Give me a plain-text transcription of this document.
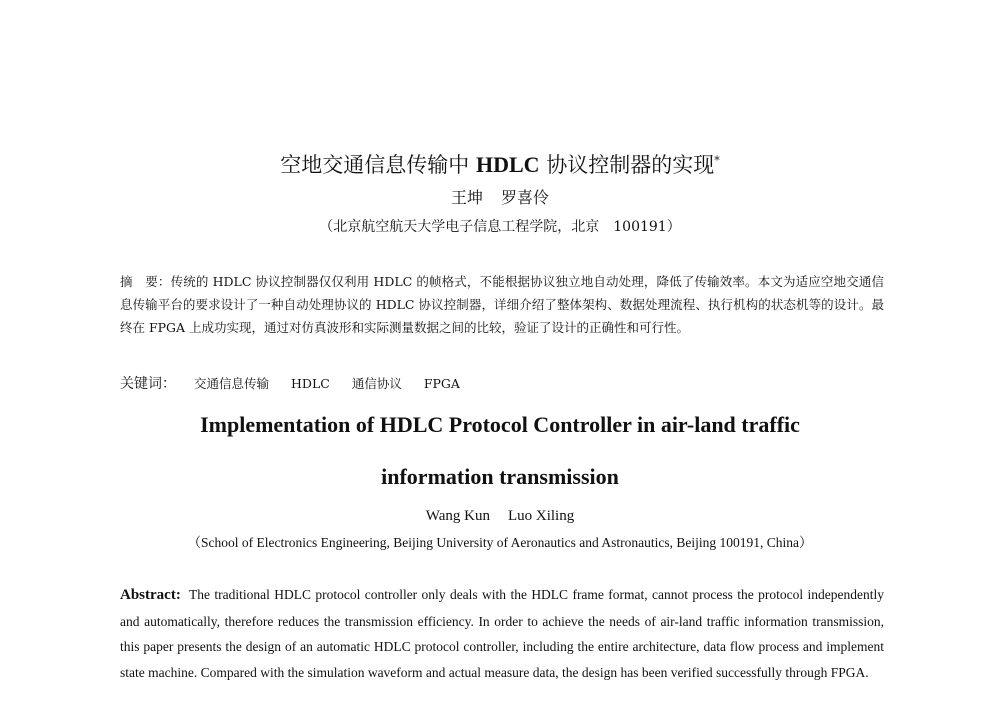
空地交通信息传输中 HDLC 协议控制器的实现*
王坤 罗喜伶
（北京航空航天大学电子信息工程学院，北京　100191）
摘　要：传统的 HDLC 协议控制器仅仅利用 HDLC 的帧格式，不能根据协议独立地自动处理，降低了传输效率。本文为适应空地交通信息传输平台的要求设计了一种自动处理协议的 HDLC 协议控制器，详细介绍了整体架构、数据处理流程、执行机构的状态机等的设计。最终在 FPGA 上成功实现，通过对仿真波形和实际测量数据之间的比较，验证了设计的正确性和可行性。
关键词： 交通信息传输 HDLC 通信协议 FPGA
Implementation of HDLC Protocol Controller in air-land traffic
information transmission
Wang Kun Luo Xiling
（School of Electronics Engineering, Beijing University of Aeronautics and Astronautics, Beijing 100191, China）
Abstract: The traditional HDLC protocol controller only deals with the HDLC frame format, cannot process the protocol independently and automatically, therefore reduces the transmission efficiency. In order to achieve the needs of air-land traffic information transmission, this paper presents the design of an automatic HDLC protocol controller, including the entire architecture, data flow process and implement state machine. Compared with the simulation waveform and actual measure data, the design has been verified successfully through FPGA.
